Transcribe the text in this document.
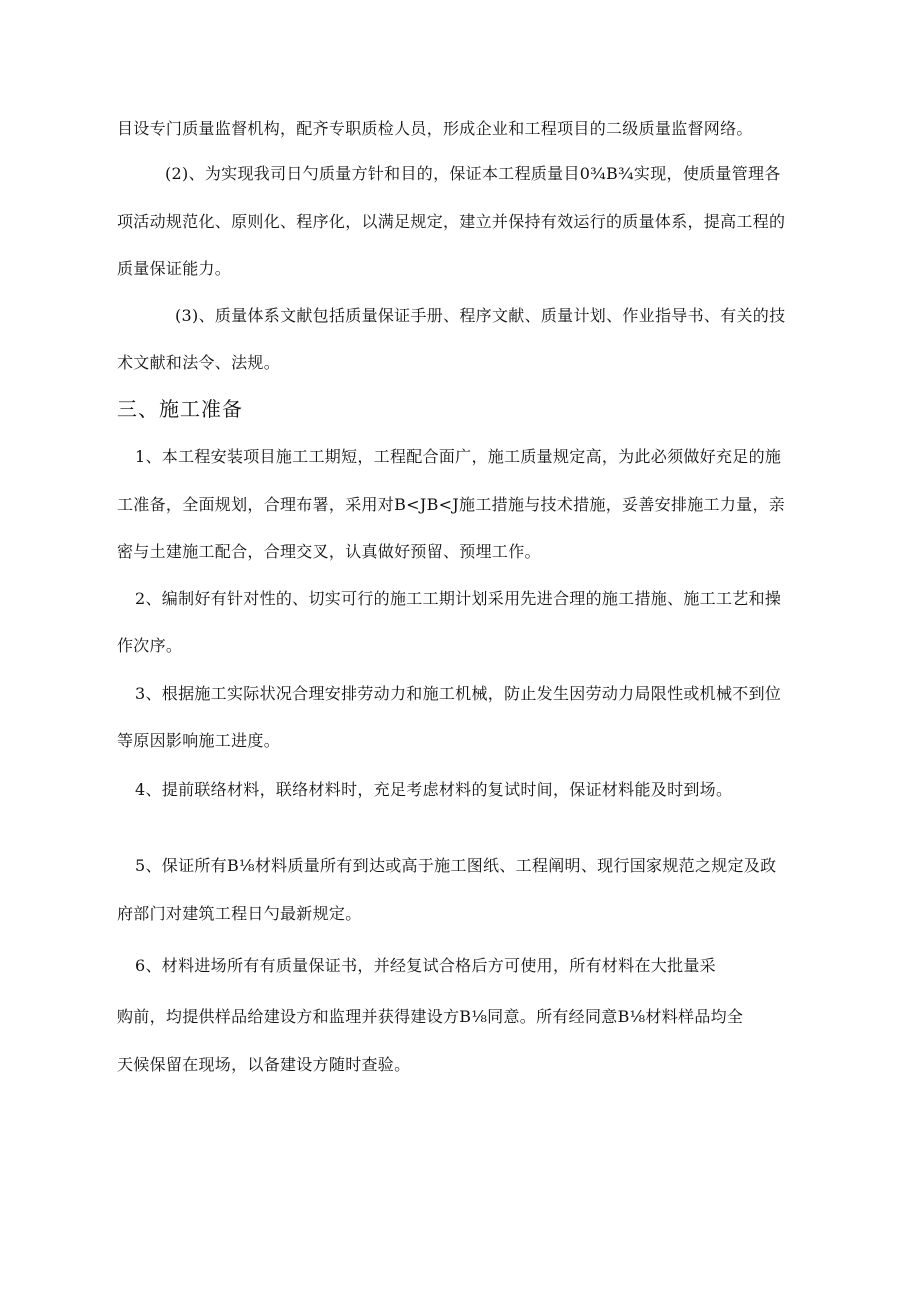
目设专门质量监督机构，配齐专职质检人员，形成企业和工程项目的二级质量监督网络。
(2)、为实现我司日勺质量方针和目的，保证本工程质量目0¾B¾实现，使质量管理各
项活动规范化、原则化、程序化，以满足规定，建立并保持有效运行的质量体系，提高工程的
质量保证能力。
(3)、质量体系文献包括质量保证手册、程序文献、质量计划、作业指导书、有关的技
术文献和法令、法规。
三、施工准备
1、本工程安装项目施工工期短，工程配合面广，施工质量规定高，为此必须做好充足的施
工准备，全面规划，合理布署，采用对B<JB<J施工措施与技术措施，妥善安排施工力量，亲
密与土建施工配合，合理交叉，认真做好预留、预埋工作。
2、编制好有针对性的、切实可行的施工工期计划采用先进合理的施工措施、施工工艺和操
作次序。
3、根据施工实际状况合理安排劳动力和施工机械，防止发生因劳动力局限性或机械不到位
等原因影响施工进度。
4、提前联络材料，联络材料时，充足考虑材料的复试时间，保证材料能及时到场。
5、保证所有B⅛材料质量所有到达或高于施工图纸、工程阐明、现行国家规范之规定及政
府部门对建筑工程日勺最新规定。
6、材料进场所有有质量保证书，并经复试合格后方可使用，所有材料在大批量采
购前，均提供样品给建设方和监理并获得建设方B⅛同意。所有经同意B⅛材料样品均全
天候保留在现场，以备建设方随时查验。
